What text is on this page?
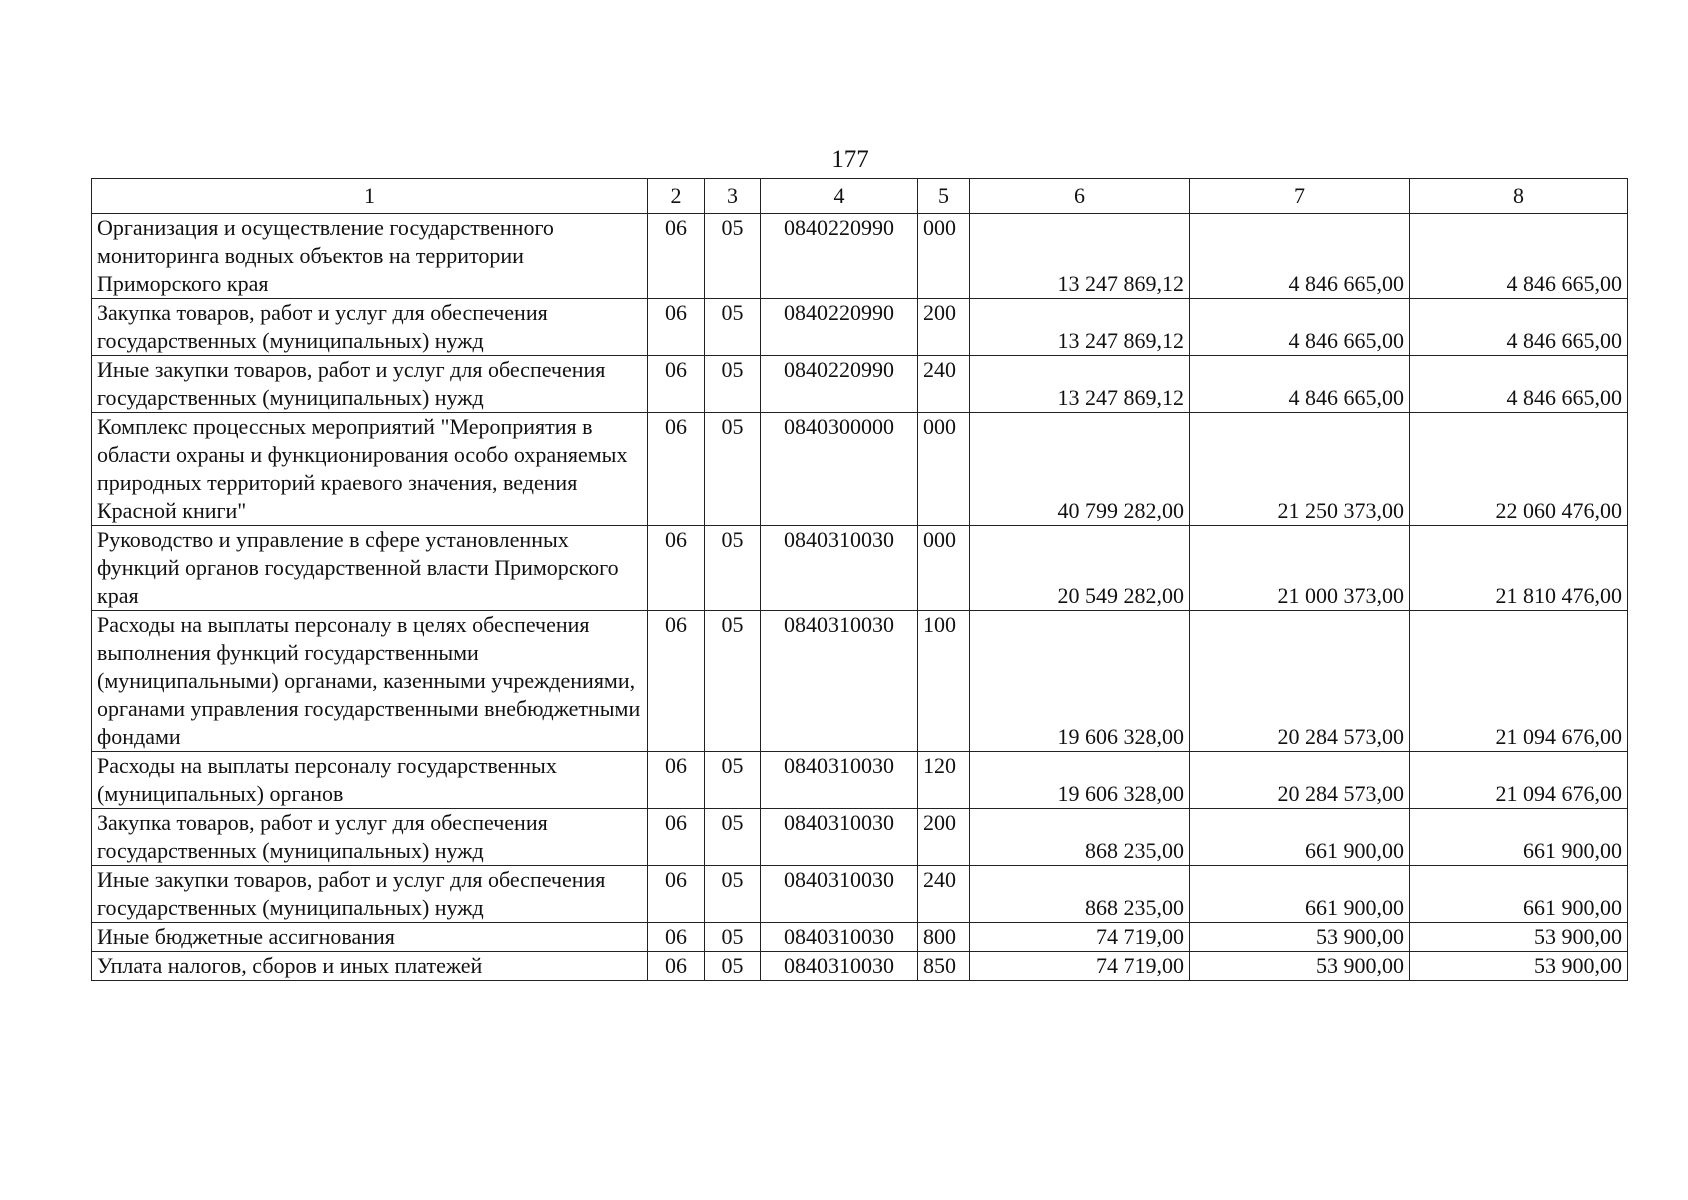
177
1	2	3	4	5	6	7	8
Организация и осуществление государственного мониторинга водных объектов на территории Приморского края	06	05	0840220990	000	13 247 869,12	4 846 665,00	4 846 665,00
Закупка товаров, работ и услуг для обеспечения государственных (муниципальных) нужд	06	05	0840220990	200	13 247 869,12	4 846 665,00	4 846 665,00
Иные закупки товаров, работ и услуг для обеспечения государственных (муниципальных) нужд	06	05	0840220990	240	13 247 869,12	4 846 665,00	4 846 665,00
Комплекс процессных мероприятий "Мероприятия в области охраны и функционирования особо охраняемых природных территорий краевого значения, ведения Красной книги"	06	05	0840300000	000	40 799 282,00	21 250 373,00	22 060 476,00
Руководство и управление в сфере установленных функций органов государственной власти Приморского края	06	05	0840310030	000	20 549 282,00	21 000 373,00	21 810 476,00
Расходы на выплаты персоналу в целях обеспечения выполнения функций государственными (муниципальными) органами, казенными учреждениями, органами управления государственными внебюджетными фондами	06	05	0840310030	100	19 606 328,00	20 284 573,00	21 094 676,00
Расходы на выплаты персоналу государственных (муниципальных) органов	06	05	0840310030	120	19 606 328,00	20 284 573,00	21 094 676,00
Закупка товаров, работ и услуг для обеспечения государственных (муниципальных) нужд	06	05	0840310030	200	868 235,00	661 900,00	661 900,00
Иные закупки товаров, работ и услуг для обеспечения государственных (муниципальных) нужд	06	05	0840310030	240	868 235,00	661 900,00	661 900,00
Иные бюджетные ассигнования	06	05	0840310030	800	74 719,00	53 900,00	53 900,00
Уплата налогов, сборов и иных платежей	06	05	0840310030	850	74 719,00	53 900,00	53 900,00
